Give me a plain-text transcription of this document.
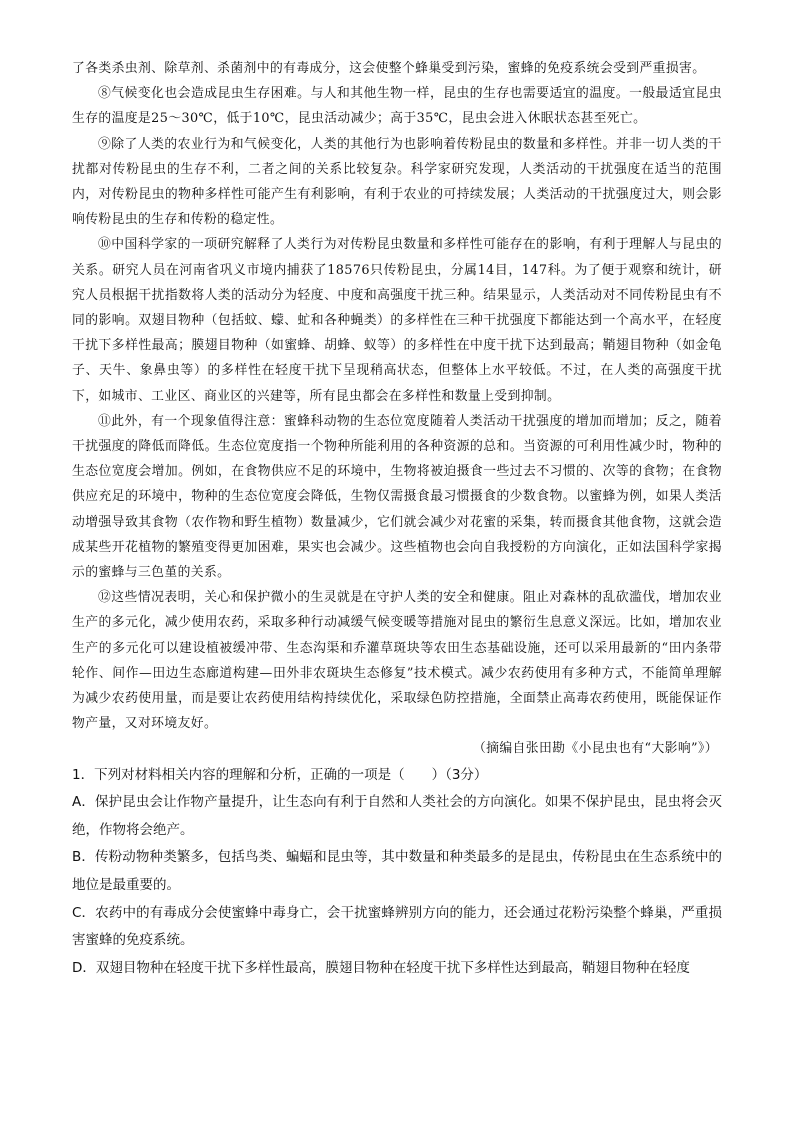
了各类杀虫剂、除草剂、杀菌剂中的有毒成分，这会使整个蜂巢受到污染，蜜蜂的免疫系统会受到严重损害。

⑧气候变化也会造成昆虫生存困难。与人和其他生物一样，昆虫的生存也需要适宜的温度。一般最适宜昆虫生存的温度是25～30℃，低于10℃，昆虫活动减少；高于35℃，昆虫会进入休眠状态甚至死亡。

⑨除了人类的农业行为和气候变化，人类的其他行为也影响着传粉昆虫的数量和多样性。并非一切人类的干扰都对传粉昆虫的生存不利，二者之间的关系比较复杂。科学家研究发现，人类活动的干扰强度在适当的范围内，对传粉昆虫的物种多样性可能产生有利影响，有利于农业的可持续发展；人类活动的干扰强度过大，则会影响传粉昆虫的生存和传粉的稳定性。

⑩中国科学家的一项研究解释了人类行为对传粉昆虫数量和多样性可能存在的影响，有利于理解人与昆虫的关系。研究人员在河南省巩义市境内捕获了18576只传粉昆虫，分属14目，147科。为了便于观察和统计，研究人员根据干扰指数将人类的活动分为轻度、中度和高强度干扰三种。结果显示，人类活动对不同传粉昆虫有不同的影响。双翅目物种（包括蚊、蠓、虻和各种蝇类）的多样性在三种干扰强度下都能达到一个高水平，在轻度干扰下多样性最高；膜翅目物种（如蜜蜂、胡蜂、蚁等）的多样性在中度干扰下达到最高；鞘翅目物种（如金龟子、天牛、象鼻虫等）的多样性在轻度干扰下呈现稍高状态，但整体上水平较低。不过，在人类的高强度干扰下，如城市、工业区、商业区的兴建等，所有昆虫都会在多样性和数量上受到抑制。

⑪此外，有一个现象值得注意：蜜蜂科动物的生态位宽度随着人类活动干扰强度的增加而增加；反之，随着干扰强度的降低而降低。生态位宽度指一个物种所能利用的各种资源的总和。当资源的可利用性减少时，物种的生态位宽度会增加。例如，在食物供应不足的环境中，生物将被迫摄食一些过去不习惯的、次等的食物；在食物供应充足的环境中，物种的生态位宽度会降低，生物仅需摄食最习惯摄食的少数食物。以蜜蜂为例，如果人类活动增强导致其食物（农作物和野生植物）数量减少，它们就会减少对花蜜的采集，转而摄食其他食物，这就会造成某些开花植物的繁殖变得更加困难，果实也会减少。这些植物也会向自我授粉的方向演化，正如法国科学家揭示的蜜蜂与三色堇的关系。

⑫这些情况表明，关心和保护微小的生灵就是在守护人类的安全和健康。阻止对森林的乱砍滥伐，增加农业生产的多元化，减少使用农药，采取多种行动减缓气候变暖等措施对昆虫的繁衍生息意义深远。比如，增加农业生产的多元化可以建设植被缓冲带、生态沟渠和乔灌草斑块等农田生态基础设施，还可以采用最新的“田内条带轮作、间作—田边生态廊道构建—田外非农斑块生态修复”技术模式。减少农药使用有多种方式，不能简单理解为减少农药使用量，而是要让农药使用结构持续优化，采取绿色防控措施，全面禁止高毒农药使用，既能保证作物产量，又对环境友好。

（摘编自张田勘《小昆虫也有“大影响”》）

1．下列对材料相关内容的理解和分析，正确的一项是（　　）（3分）

A．保护昆虫会让作物产量提升，让生态向有利于自然和人类社会的方向演化。如果不保护昆虫，昆虫将会灭绝，作物将会绝产。

B．传粉动物种类繁多，包括鸟类、蝙蝠和昆虫等，其中数量和种类最多的是昆虫，传粉昆虫在生态系统中的地位是最重要的。

C．农药中的有毒成分会使蜜蜂中毒身亡，会干扰蜜蜂辨别方向的能力，还会通过花粉污染整个蜂巢，严重损害蜜蜂的免疫系统。

D．双翅目物种在轻度干扰下多样性最高，膜翅目物种在轻度干扰下多样性达到最高，鞘翅目物种在轻度
